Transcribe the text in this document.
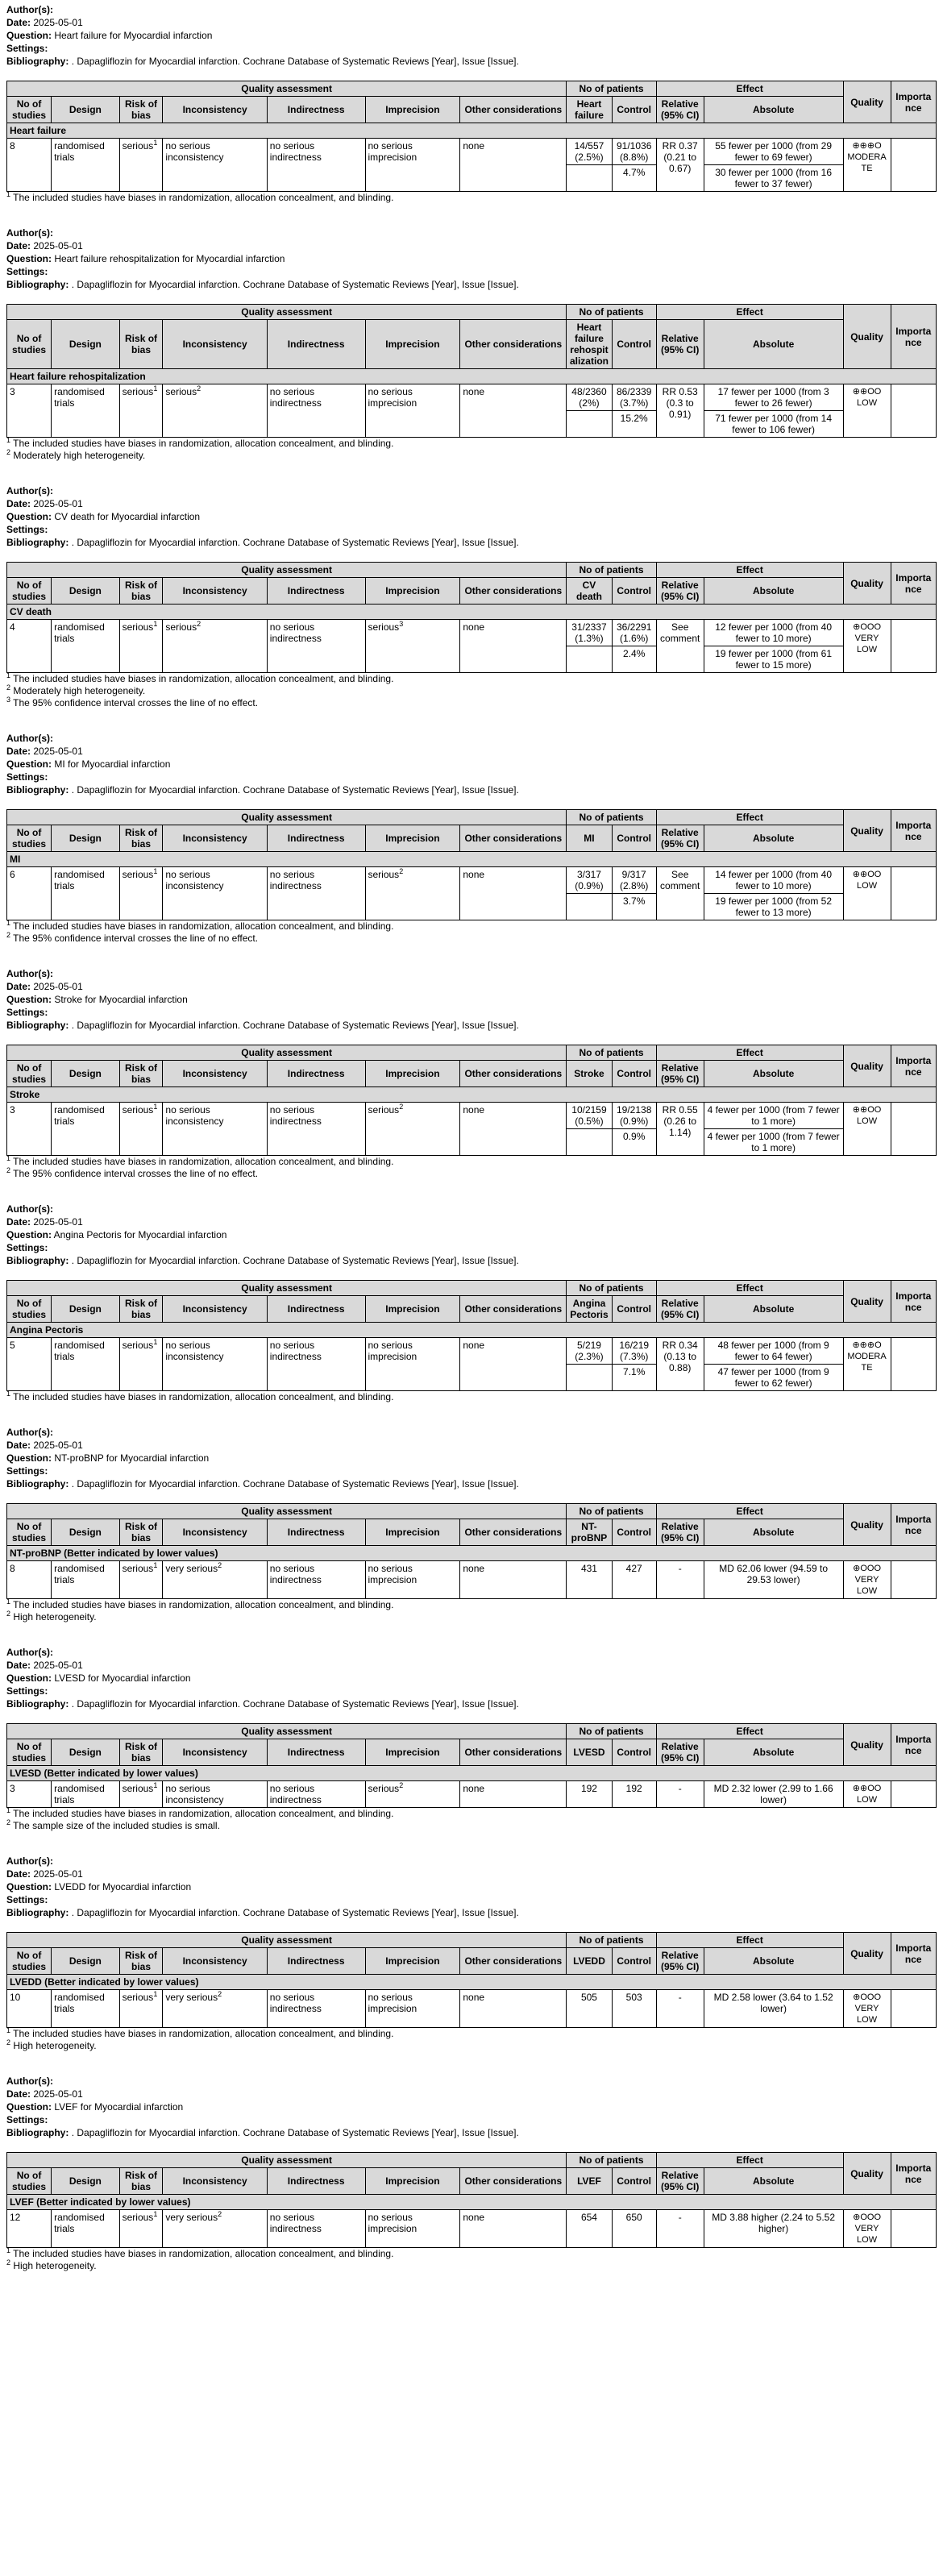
Author(s):
Date: 2025-05-01
Question: Heart failure for Myocardial infarction
Settings:
Bibliography: . Dapagliflozin for Myocardial infarction. Cochrane Database of Systematic Reviews [Year], Issue [Issue].
Quality assessment							No of patients		Effect		Quality	Importance
No of studies	Design	Risk of bias	Inconsistency	Indirectness	Imprecision	Other considerations	Heart failure	Control	Relative (95% CI)	Absolute		
Heart failure												
8	randomised trials	serious$^1$	no serious inconsistency	no serious indirectness	no serious imprecision	none	14/557 (2.5%)	91/1036 (8.8%)	RR 0.37 (0.21 to 0.67)	55 fewer per 1000 (from 29 fewer to 69 fewer)	⊕⊕⊕O MODERATE	
								4.7%		30 fewer per 1000 (from 16 fewer to 37 fewer)		
$^1$ The included studies have biases in randomization, allocation concealment, and blinding.
Author(s):
Date: 2025-05-01
Question: Heart failure rehospitalization for Myocardial infarction
Settings:
Bibliography: . Dapagliflozin for Myocardial infarction. Cochrane Database of Systematic Reviews [Year], Issue [Issue].
Quality assessment							No of patients		Effect		Quality	Importance
No of studies	Design	Risk of bias	Inconsistency	Indirectness	Imprecision	Other considerations	Heart failure rehospitalization	Control	Relative (95% CI)	Absolute		
Heart failure rehospitalization												
3	randomised trials	serious$^1$	serious$^2$	no serious indirectness	no serious imprecision	none	48/2360 (2%)	86/2339 (3.7%)	RR 0.53 (0.3 to 0.91)	17 fewer per 1000 (from 3 fewer to 26 fewer)	⊕⊕OO LOW	
								15.2%		71 fewer per 1000 (from 14 fewer to 106 fewer)		
$^1$ The included studies have biases in randomization, allocation concealment, and blinding.
$^2$ Moderately high heterogeneity.
Author(s):
Date: 2025-05-01
Question: CV death for Myocardial infarction
Settings:
Bibliography: . Dapagliflozin for Myocardial infarction. Cochrane Database of Systematic Reviews [Year], Issue [Issue].
Quality assessment							No of patients		Effect		Quality	Importance
No of studies	Design	Risk of bias	Inconsistency	Indirectness	Imprecision	Other considerations	CV death	Control	Relative (95% CI)	Absolute		
CV death												
4	randomised trials	serious$^1$	serious$^2$	no serious indirectness	serious$^3$	none	31/2337 (1.3%)	36/2291 (1.6%)	See comment	12 fewer per 1000 (from 40 fewer to 10 more)	⊕OOO VERY LOW	
								2.4%		19 fewer per 1000 (from 61 fewer to 15 more)		
$^1$ The included studies have biases in randomization, allocation concealment, and blinding.
$^2$ Moderately high heterogeneity.
$^3$ The 95% confidence interval crosses the line of no effect.
Author(s):
Date: 2025-05-01
Question: MI for Myocardial infarction
Settings:
Bibliography: . Dapagliflozin for Myocardial infarction. Cochrane Database of Systematic Reviews [Year], Issue [Issue].
Quality assessment							No of patients		Effect		Quality	Importance
No of studies	Design	Risk of bias	Inconsistency	Indirectness	Imprecision	Other considerations	MI	Control	Relative (95% CI)	Absolute		
MI												
6	randomised trials	serious$^1$	no serious inconsistency	no serious indirectness	serious$^2$	none	3/317 (0.9%)	9/317 (2.8%)	See comment	14 fewer per 1000 (from 40 fewer to 10 more)	⊕⊕OO LOW	
								3.7%		19 fewer per 1000 (from 52 fewer to 13 more)		
$^1$ The included studies have biases in randomization, allocation concealment, and blinding.
$^2$ The 95% confidence interval crosses the line of no effect.
Author(s):
Date: 2025-05-01
Question: Stroke for Myocardial infarction
Settings:
Bibliography: . Dapagliflozin for Myocardial infarction. Cochrane Database of Systematic Reviews [Year], Issue [Issue].
Quality assessment							No of patients		Effect		Quality	Importance
No of studies	Design	Risk of bias	Inconsistency	Indirectness	Imprecision	Other considerations	Stroke	Control	Relative (95% CI)	Absolute		
Stroke												
3	randomised trials	serious$^1$	no serious inconsistency	no serious indirectness	serious$^2$	none	10/2159 (0.5%)	19/2138 (0.9%)	RR 0.55 (0.26 to 1.14)	4 fewer per 1000 (from 7 fewer to 1 more)	⊕⊕OO LOW	
								0.9%		4 fewer per 1000 (from 7 fewer to 1 more)		
$^1$ The included studies have biases in randomization, allocation concealment, and blinding.
$^2$ The 95% confidence interval crosses the line of no effect.
Author(s):
Date: 2025-05-01
Question: Angina Pectoris for Myocardial infarction
Settings:
Bibliography: . Dapagliflozin for Myocardial infarction. Cochrane Database of Systematic Reviews [Year], Issue [Issue].
Quality assessment							No of patients		Effect		Quality	Importance
No of studies	Design	Risk of bias	Inconsistency	Indirectness	Imprecision	Other considerations	Angina Pectoris	Control	Relative (95% CI)	Absolute		
Angina Pectoris												
5	randomised trials	serious$^1$	no serious inconsistency	no serious indirectness	no serious imprecision	none	5/219 (2.3%)	16/219 (7.3%)	RR 0.34 (0.13 to 0.88)	48 fewer per 1000 (from 9 fewer to 64 fewer)	⊕⊕⊕O MODERATE	
								7.1%		47 fewer per 1000 (from 9 fewer to 62 fewer)		
$^1$ The included studies have biases in randomization, allocation concealment, and blinding.
Author(s):
Date: 2025-05-01
Question: NT-proBNP for Myocardial infarction
Settings:
Bibliography: . Dapagliflozin for Myocardial infarction. Cochrane Database of Systematic Reviews [Year], Issue [Issue].
Quality assessment							No of patients		Effect		Quality	Importance
No of studies	Design	Risk of bias	Inconsistency	Indirectness	Imprecision	Other considerations	NT-proBNP	Control	Relative (95% CI)	Absolute		
NT-proBNP (Better indicated by lower values)												
8	randomised trials	serious$^1$	very serious$^2$	no serious indirectness	no serious imprecision	none	431	427	-	MD 62.06 lower (94.59 to 29.53 lower)	⊕OOO VERY LOW	
$^1$ The included studies have biases in randomization, allocation concealment, and blinding.
$^2$ High heterogeneity.
Author(s):
Date: 2025-05-01
Question: LVESD for Myocardial infarction
Settings:
Bibliography: . Dapagliflozin for Myocardial infarction. Cochrane Database of Systematic Reviews [Year], Issue [Issue].
Quality assessment							No of patients		Effect		Quality	Importance
No of studies	Design	Risk of bias	Inconsistency	Indirectness	Imprecision	Other considerations	LVESD	Control	Relative (95% CI)	Absolute		
LVESD (Better indicated by lower values)												
3	randomised trials	serious$^1$	no serious inconsistency	no serious indirectness	serious$^2$	none	192	192	-	MD 2.32 lower (2.99 to 1.66 lower)	⊕⊕OO LOW	
$^1$ The included studies have biases in randomization, allocation concealment, and blinding.
$^2$ The sample size of the included studies is small.
Author(s):
Date: 2025-05-01
Question: LVEDD for Myocardial infarction
Settings:
Bibliography: . Dapagliflozin for Myocardial infarction. Cochrane Database of Systematic Reviews [Year], Issue [Issue].
Quality assessment							No of patients		Effect		Quality	Importance
No of studies	Design	Risk of bias	Inconsistency	Indirectness	Imprecision	Other considerations	LVEDD	Control	Relative (95% CI)	Absolute		
LVEDD (Better indicated by lower values)												
10	randomised trials	serious$^1$	very serious$^2$	no serious indirectness	no serious imprecision	none	505	503	-	MD 2.58 lower (3.64 to 1.52 lower)	⊕OOO VERY LOW	
$^1$ The included studies have biases in randomization, allocation concealment, and blinding.
$^2$ High heterogeneity.
Author(s):
Date: 2025-05-01
Question: LVEF for Myocardial infarction
Settings:
Bibliography: . Dapagliflozin for Myocardial infarction. Cochrane Database of Systematic Reviews [Year], Issue [Issue].
Quality assessment							No of patients		Effect		Quality	Importance
No of studies	Design	Risk of bias	Inconsistency	Indirectness	Imprecision	Other considerations	LVEF	Control	Relative (95% CI)	Absolute		
LVEF (Better indicated by lower values)												
12	randomised trials	serious$^1$	very serious$^2$	no serious indirectness	no serious imprecision	none	654	650	-	MD 3.88 higher (2.24 to 5.52 higher)	⊕OOO VERY LOW	
$^1$ The included studies have biases in randomization, allocation concealment, and blinding.
$^2$ High heterogeneity.
